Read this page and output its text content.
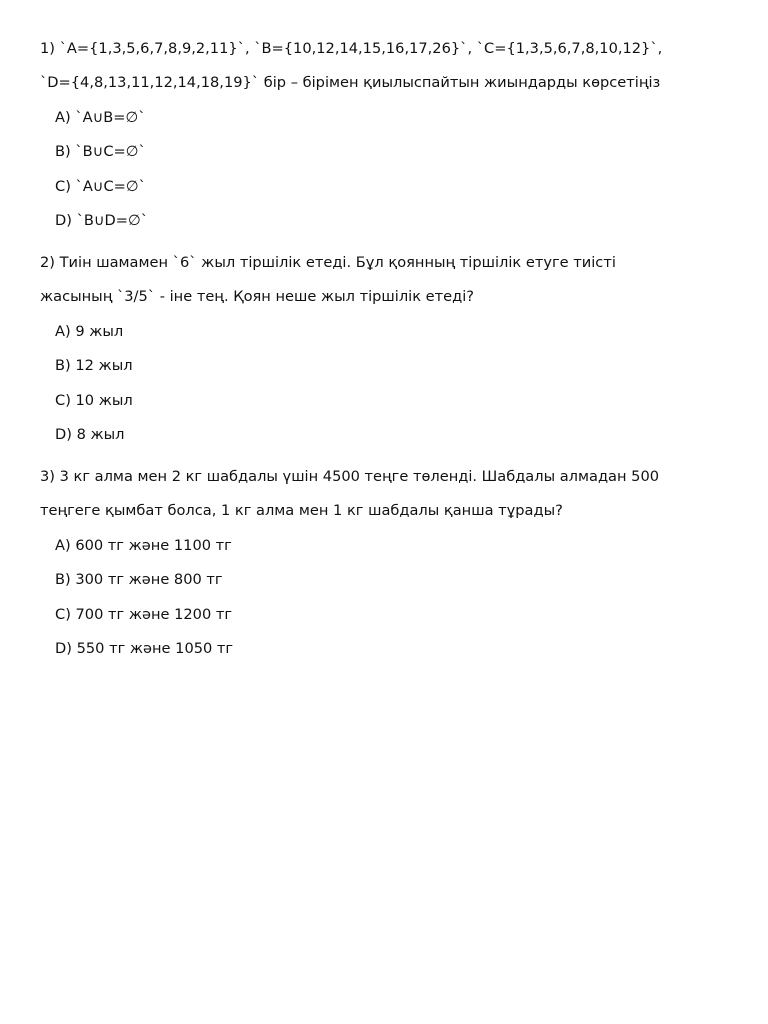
1) `A={1,3,5,6,7,8,9,2,11}`, `B={10,12,14,15,16,17,26}`, `C={1,3,5,6,7,8,10,12}`,
`D={4,8,13,11,12,14,18,19}` бір – бірімен қиылыспайтын жиындарды көрсетіңіз
A) `A∪B=∅`
B) `B∪C=∅`
C) `A∪C=∅`
D) `B∪D=∅`
2) Тиін шамамен `6` жыл тіршілік етеді. Бұл қоянның тіршілік етуге тиісті
жасының `3/5` - іне тең. Қоян неше жыл тіршілік етеді?
A) 9 жыл
B) 12 жыл
C) 10 жыл
D) 8 жыл
3) 3 кг алма мен 2 кг шабдалы үшін 4500 теңге төленді. Шабдалы алмадан 500
теңгеге қымбат болса, 1 кг алма мен 1 кг шабдалы қанша тұрады?
A) 600 тг және 1100 тг
B) 300 тг және 800 тг
C) 700 тг және 1200 тг
D) 550 тг және 1050 тг
